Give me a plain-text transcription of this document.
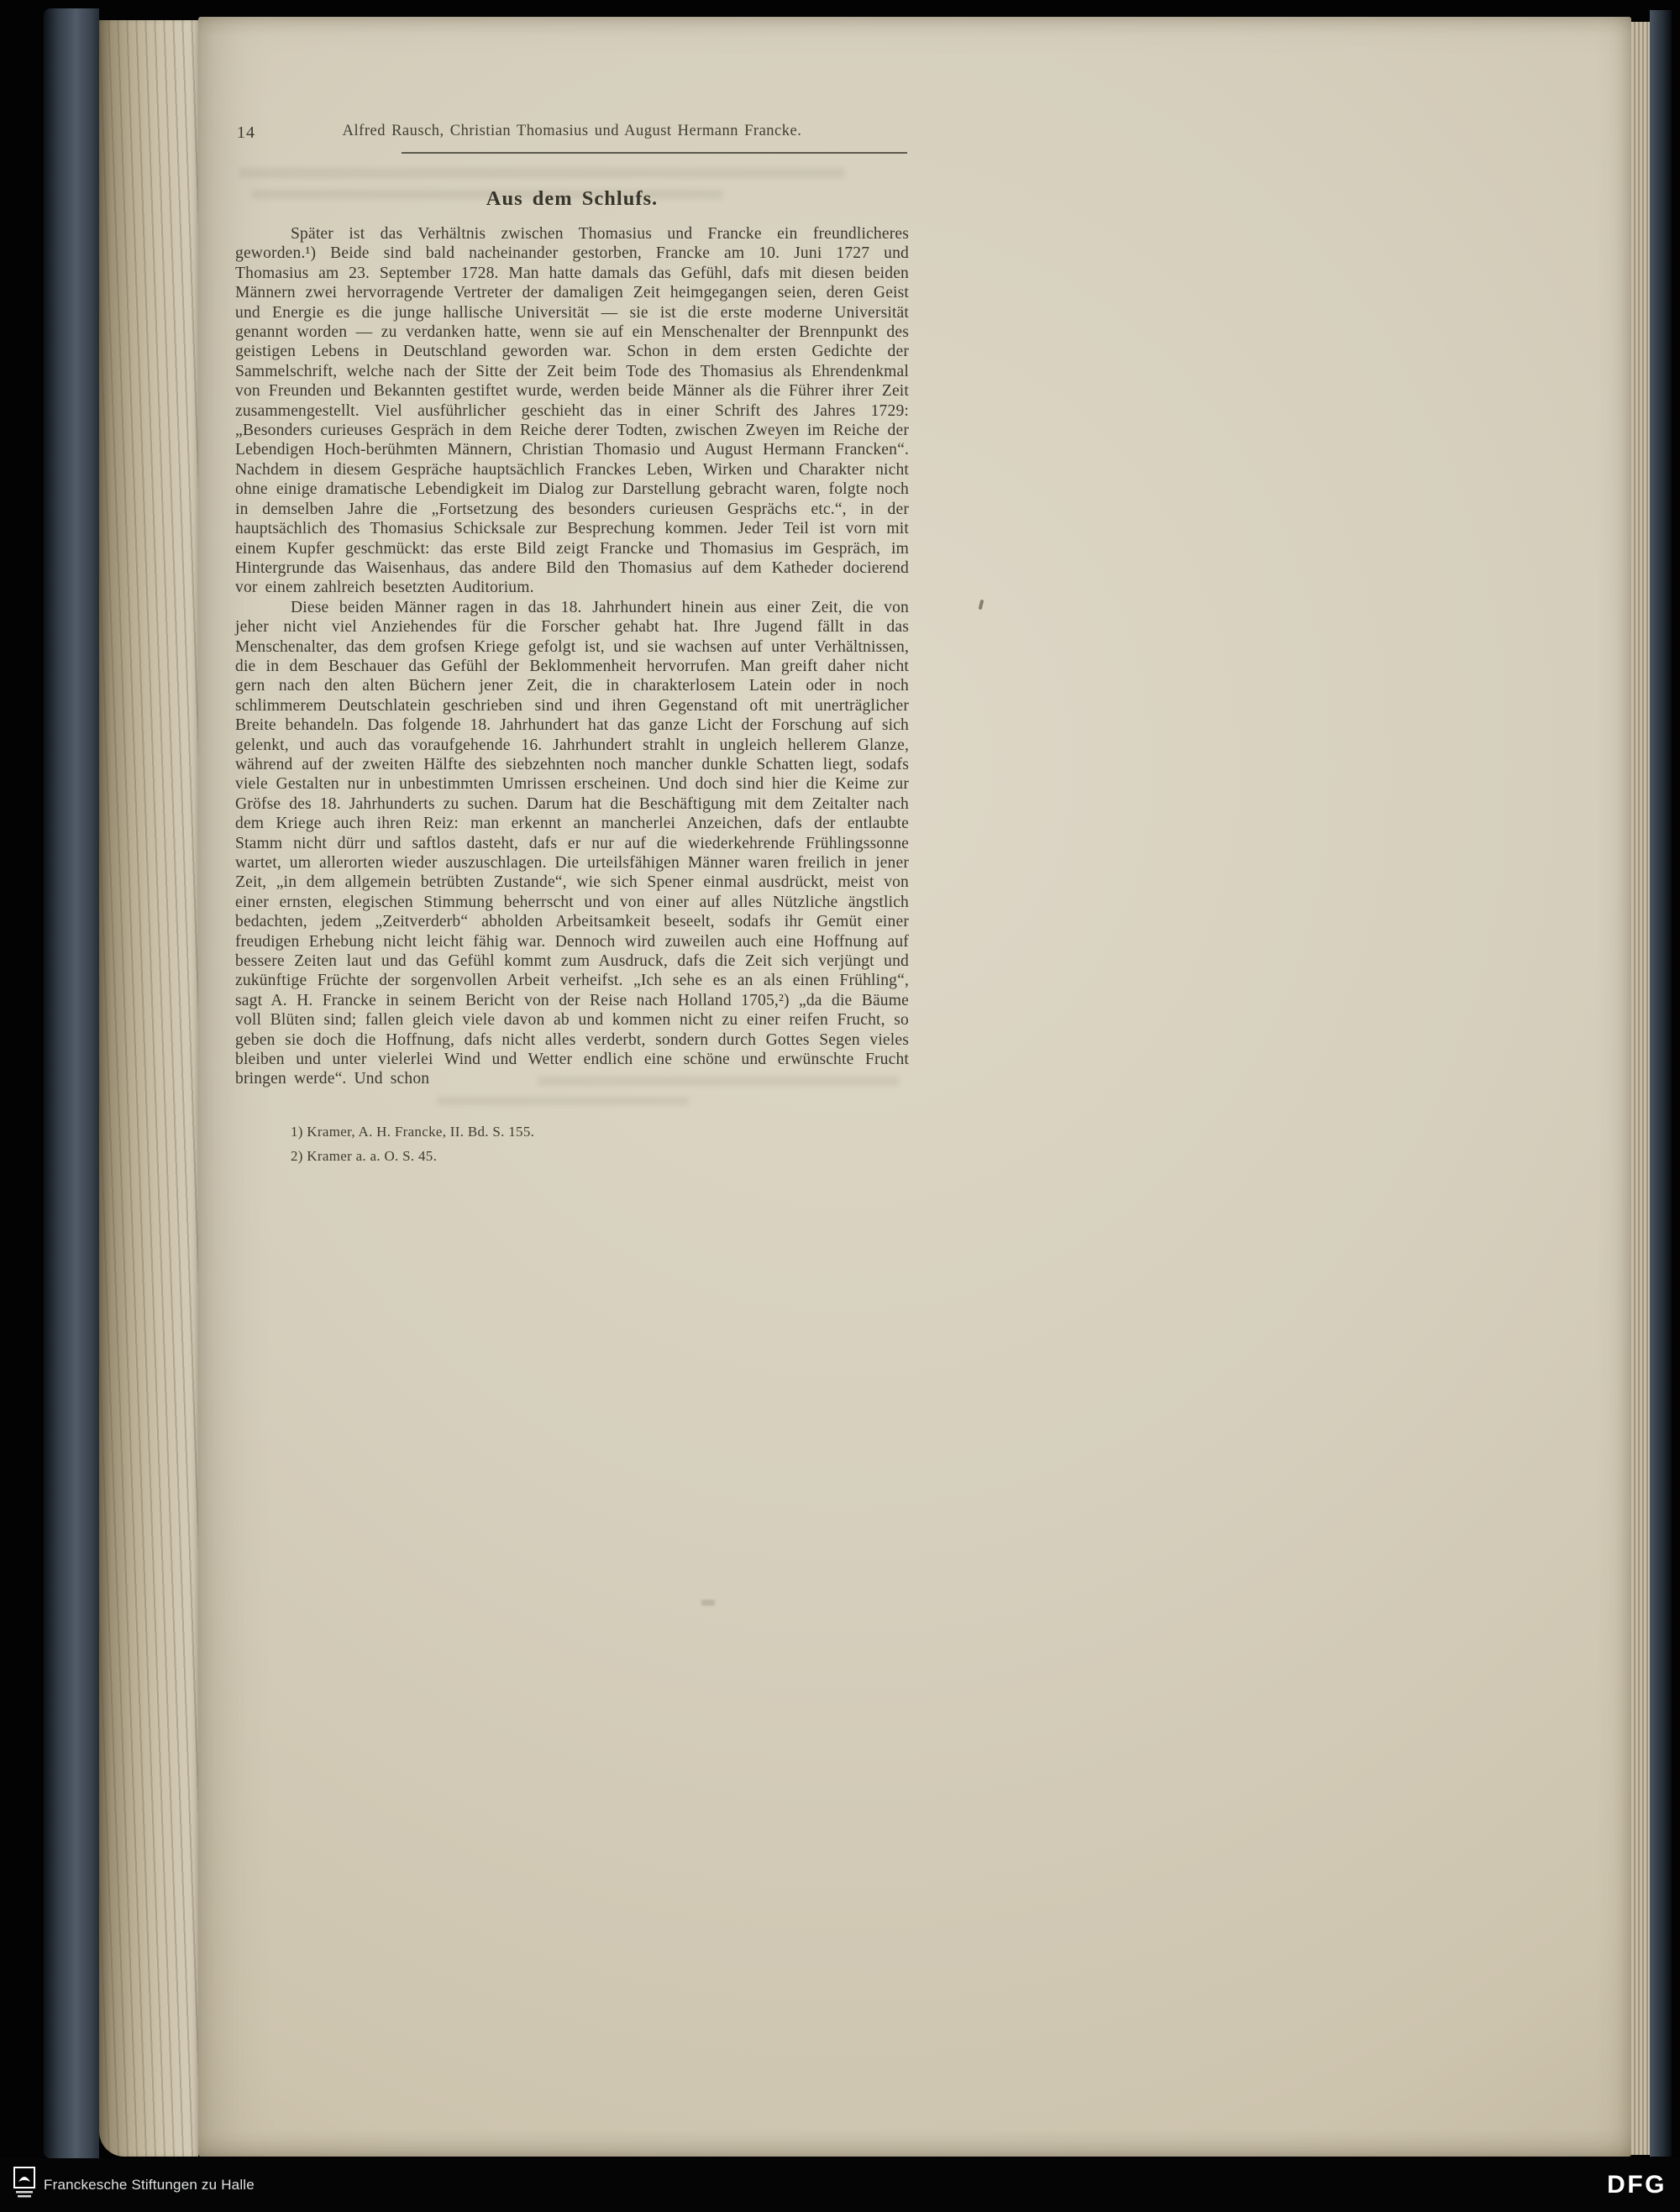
14	Alfred Rausch, Christian Thomasius und August Hermann Francke.
Aus dem Schlufs.

Später ist das Verhältnis zwischen Thomasius und Francke ein freundlicheres geworden.¹) Beide sind bald nacheinander gestorben, Francke am 10. Juni 1727 und Thomasius am 23. September 1728. Man hatte damals das Gefühl, dafs mit diesen beiden Männern zwei hervorragende Vertreter der damaligen Zeit heimgegangen seien, deren Geist und Energie es die junge hallische Universität — sie ist die erste moderne Universität genannt worden — zu verdanken hatte, wenn sie auf ein Menschenalter der Brennpunkt des geistigen Lebens in Deutschland geworden war. Schon in dem ersten Gedichte der Sammelschrift, welche nach der Sitte der Zeit beim Tode des Thomasius als Ehrendenkmal von Freunden und Bekannten gestiftet wurde, werden beide Männer als die Führer ihrer Zeit zusammengestellt. Viel ausführlicher geschieht das in einer Schrift des Jahres 1729: „Besonders curieuses Gespräch in dem Reiche derer Todten, zwischen Zweyen im Reiche der Lebendigen Hoch-berühmten Männern, Christian Thomasio und August Hermann Francken“. Nachdem in diesem Gespräche hauptsächlich Franckes Leben, Wirken und Charakter nicht ohne einige dramatische Lebendigkeit im Dialog zur Darstellung gebracht waren, folgte noch in demselben Jahre die „Fortsetzung des besonders curieusen Gesprächs etc.“, in der hauptsächlich des Thomasius Schicksale zur Besprechung kommen. Jeder Teil ist vorn mit einem Kupfer geschmückt: das erste Bild zeigt Francke und Thomasius im Gespräch, im Hintergrunde das Waisenhaus, das andere Bild den Thomasius auf dem Katheder docierend vor einem zahlreich besetzten Auditorium.

Diese beiden Männer ragen in das 18. Jahrhundert hinein aus einer Zeit, die von jeher nicht viel Anziehendes für die Forscher gehabt hat. Ihre Jugend fällt in das Menschenalter, das dem grofsen Kriege gefolgt ist, und sie wachsen auf unter Verhältnissen, die in dem Beschauer das Gefühl der Beklommenheit hervorrufen. Man greift daher nicht gern nach den alten Büchern jener Zeit, die in charakterlosem Latein oder in noch schlimmerem Deutschlatein geschrieben sind und ihren Gegenstand oft mit unerträglicher Breite behandeln. Das folgende 18. Jahrhundert hat das ganze Licht der Forschung auf sich gelenkt, und auch das voraufgehende 16. Jahrhundert strahlt in ungleich hellerem Glanze, während auf der zweiten Hälfte des siebzehnten noch mancher dunkle Schatten liegt, sodafs viele Gestalten nur in unbestimmten Umrissen erscheinen. Und doch sind hier die Keime zur Gröfse des 18. Jahrhunderts zu suchen. Darum hat die Beschäftigung mit dem Zeitalter nach dem Kriege auch ihren Reiz: man erkennt an mancherlei Anzeichen, dafs der entlaubte Stamm nicht dürr und saftlos dasteht, dafs er nur auf die wiederkehrende Frühlingssonne wartet, um allerorten wieder auszuschlagen. Die urteilsfähigen Männer waren freilich in jener Zeit, „in dem allgemein betrübten Zustande“, wie sich Spener einmal ausdrückt, meist von einer ernsten, elegischen Stimmung beherrscht und von einer auf alles Nützliche ängstlich bedachten, jedem „Zeitverderb“ abholden Arbeitsamkeit beseelt, sodafs ihr Gemüt einer freudigen Erhebung nicht leicht fähig war. Dennoch wird zuweilen auch eine Hoffnung auf bessere Zeiten laut und das Gefühl kommt zum Ausdruck, dafs die Zeit sich verjüngt und zukünftige Früchte der sorgenvollen Arbeit verheifst. „Ich sehe es an als einen Frühling“, sagt A. H. Francke in seinem Bericht von der Reise nach Holland 1705,²) „da die Bäume voll Blüten sind; fallen gleich viele davon ab und kommen nicht zu einer reifen Frucht, so geben sie doch die Hoffnung, dafs nicht alles verderbt, sondern durch Gottes Segen vieles bleiben und unter vielerlei Wind und Wetter endlich eine schöne und erwünschte Frucht bringen werde“. Und schon

1) Kramer, A. H. Francke, II. Bd. S. 155.
2) Kramer a. a. O. S. 45.
Franckesche Stiftungen zu Halle	DFG
